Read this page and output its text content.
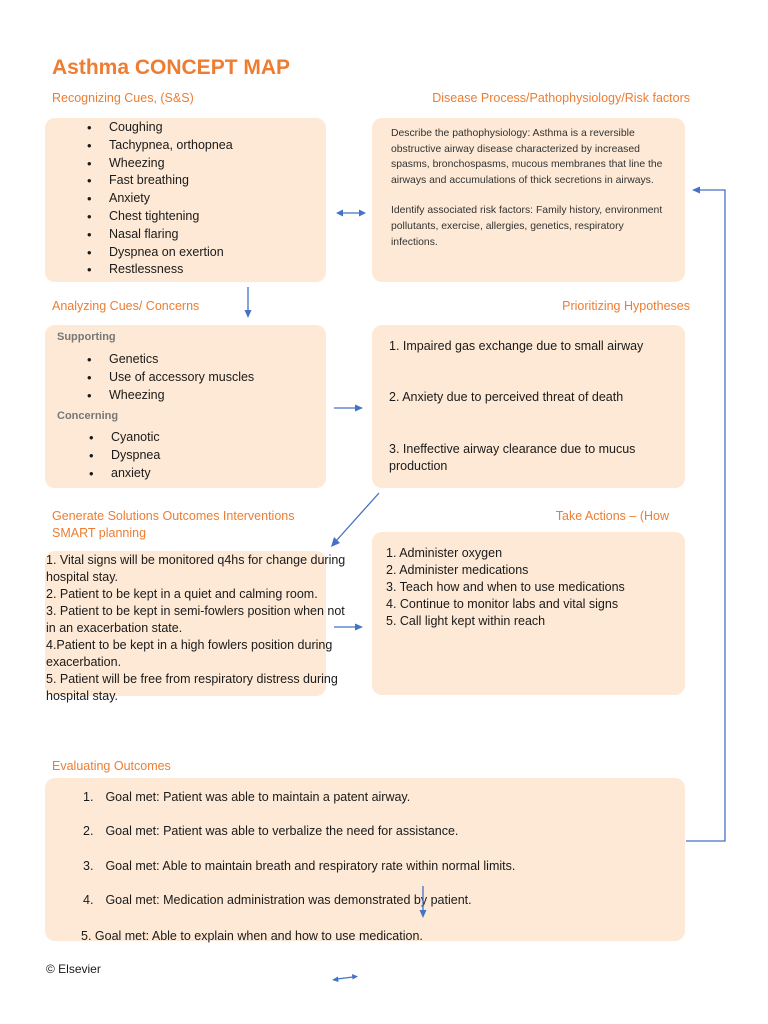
Asthma CONCEPT MAP
Recognizing Cues, (S&S)	Disease Process/Pathophysiology/Risk factors
Analyzing Cues/ Concerns	Prioritizing Hypotheses
Generate Solutions Outcomes Interventions
SMART planning
Take Actions – (How
Evaluating Outcomes
• Coughing
• Tachypnea, orthopnea
• Wheezing
• Fast breathing
• Anxiety
• Chest tightening
• Nasal flaring
• Dyspnea on exertion
• Restlessness
Describe the pathophysiology: Asthma is a reversible obstructive airway disease characterized by increased spasms, bronchospasms, mucous membranes that line the airways and accumulations of thick secretions in airways.
Identify associated risk factors: Family history, environment pollutants, exercise, allergies, genetics, respiratory infections.
Supporting
• Genetics
• Use of accessory muscles
• Wheezing
Concerning
• Cyanotic
• Dyspnea
• anxiety
1. Impaired gas exchange due to small airway
2. Anxiety due to perceived threat of death
3. Ineffective airway clearance due to mucus production
1. Vital signs will be monitored q4hs for change during hospital stay.
2. Patient to be kept in a quiet and calming room.
3. Patient to be kept in semi-fowlers position when not in an exacerbation state.
4.Patient to be kept in a high fowlers position during exacerbation.
5. Patient will be free from respiratory distress during hospital stay.
1. Administer oxygen
2. Administer medications
3. Teach how and when to use medications
4. Continue to monitor labs and vital signs
5. Call light kept within reach
1. Goal met: Patient was able to maintain a patent airway.
2. Goal met: Patient was able to verbalize the need for assistance.
3. Goal met: Able to maintain breath and respiratory rate within normal limits.
4. Goal met: Medication administration was demonstrated by patient.
5. Goal met: Able to explain when and how to use medication.
© Elsevier
